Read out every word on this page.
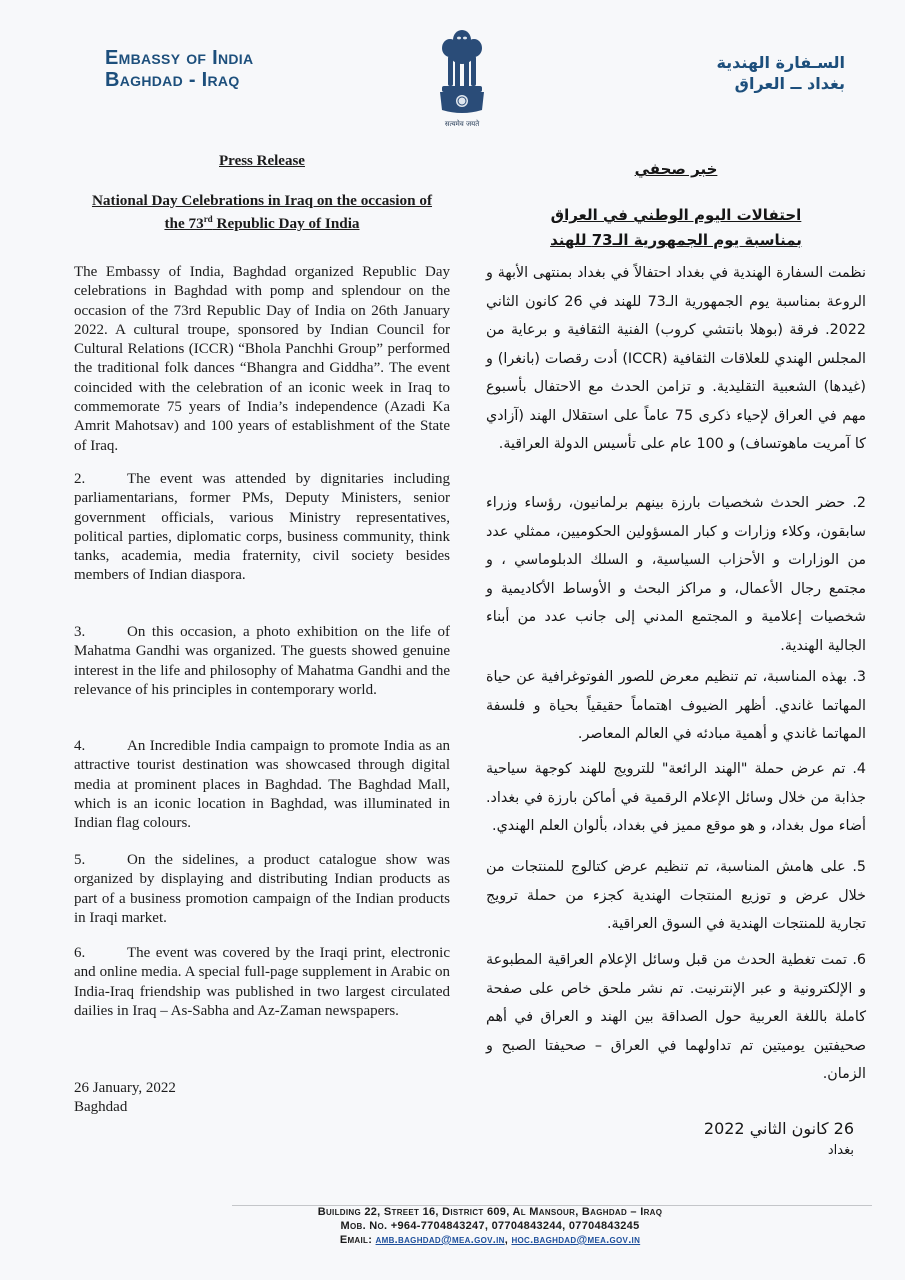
Embassy of India
Baghdad - Iraq
सत्यमेव जयते
السـفارة الهندية
بغداد ــ العراق
Press Release
National Day Celebrations in Iraq on the occasion of
the 73rd Republic Day of India
The Embassy of India, Baghdad organized Republic Day celebrations in Baghdad with pomp and splendour on the occasion of the 73rd Republic Day of India on 26th January 2022. A cultural troupe, sponsored by Indian Council for Cultural Relations (ICCR) “Bhola Panchhi Group” performed the traditional folk dances “Bhangra and Giddha”. The event coincided with the celebration of an iconic week in Iraq to commemorate 75 years of India’s independence (Azadi Ka Amrit Mahotsav) and 100 years of establishment of the State of Iraq.
2.	The event was attended by dignitaries including parliamentarians, former PMs, Deputy Ministers, senior government officials, various Ministry representatives, political parties, diplomatic corps, business community, think tanks, academia, media fraternity, civil society besides members of Indian diaspora.
3.	On this occasion, a photo exhibition on the life of Mahatma Gandhi was organized. The guests showed genuine interest in the life and philosophy of Mahatma Gandhi and the relevance of his principles in contemporary world.
4.	An Incredible India campaign to promote India as an attractive tourist destination was showcased through digital media at prominent places in Baghdad. The Baghdad Mall, which is an iconic location in Baghdad, was illuminated in Indian flag colours.
5.	On the sidelines, a product catalogue show was organized by displaying and distributing Indian products as part of a business promotion campaign of the Indian products in Iraqi market.
6.	The event was covered by the Iraqi print, electronic and online media. A special full-page supplement in Arabic on India-Iraq friendship was published in two largest circulated dailies in Iraq – As-Sabha and Az-Zaman newspapers.
26 January, 2022
Baghdad
خبر صحفي
احتفالات اليوم الوطني في العراق
بمناسبة يوم الجمهورية الـ73 للهند
نظمت السفارة الهندية في بغداد احتفالاً في بغداد بمنتهى الأبهة و الروعة بمناسبة يوم الجمهورية الـ73 للهند في 26 كانون الثاني 2022. فرقة (بوهلا بانتشي كروب) الفنية الثقافية و برعاية من المجلس الهندي للعلاقات الثقافية (ICCR) أدت رقصات (بانغرا) و (غيدها) الشعبية التقليدية. و تزامن الحدث مع الاحتفال بأسبوع مهم في العراق لإحياء ذكرى 75 عاماً على استقلال الهند (آزادي كا آمريت ماهوتساف) و 100 عام على تأسيس الدولة العراقية.
2. حضر الحدث شخصيات بارزة بينهم برلمانيون، رؤساء وزراء سابقون، وكلاء وزارات و كبار المسؤولين الحكوميين، ممثلي عدد من الوزارات و الأحزاب السياسية، و السلك الدبلوماسي ، و مجتمع رجال الأعمال، و مراكز البحث و الأوساط الأكاديمية و شخصيات إعلامية و المجتمع المدني إلى جانب عدد من أبناء الجالية الهندية.
3. بهذه المناسبة، تم تنظيم معرض للصور الفوتوغرافية عن حياة المهاتما غاندي. أظهر الضيوف اهتماماً حقيقياً بحياة و فلسفة المهاتما غاندي و أهمية مبادئه في العالم المعاصر.
4. تم عرض حملة "الهند الرائعة" للترويج للهند كوجهة سياحية جذابة من خلال وسائل الإعلام الرقمية في أماكن بارزة في بغداد. أضاء مول بغداد، و هو موقع مميز في بغداد، بألوان العلم الهندي.
5. على هامش المناسبة، تم تنظيم عرض كتالوج للمنتجات من خلال عرض و توزيع المنتجات الهندية كجزء من حملة ترويج تجارية للمنتجات الهندية في السوق العراقية.
6. تمت تغطية الحدث من قبل وسائل الإعلام العراقية المطبوعة و الإلكترونية و عبر الإنترنيت. تم نشر ملحق خاص على صفحة كاملة باللغة العربية حول الصداقة بين الهند و العراق في أهم صحيفتين يوميتين تم تداولهما في العراق – صحيفتا الصبح و الزمان.
26 كانون الثاني 2022
بغداد
Building 22, Street 16, District 609, Al Mansour, Baghdad – Iraq
Mob. No. +964-7704843247, 07704843244, 07704843245
Email: amb.baghdad@mea.gov.in, hoc.baghdad@mea.gov.in
